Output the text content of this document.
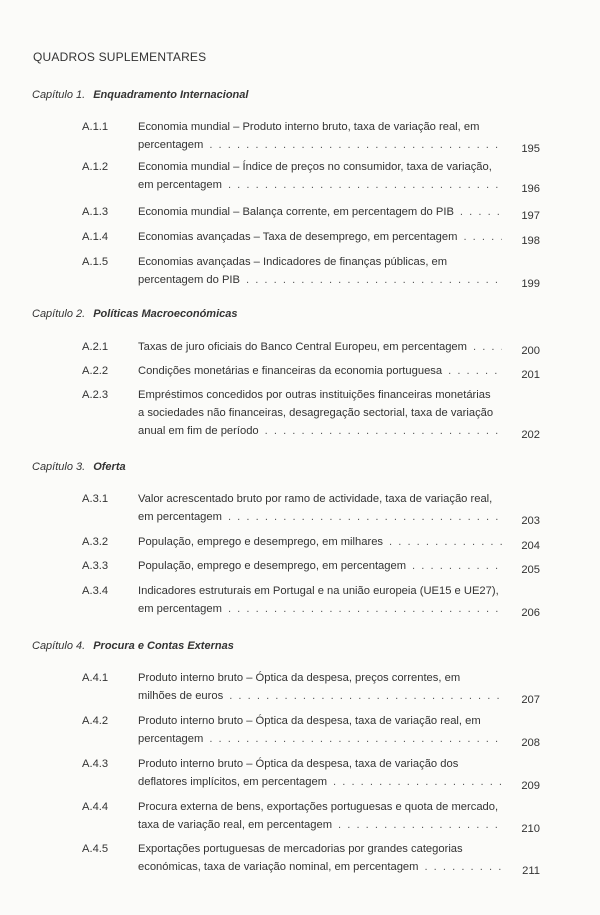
QUADROS SUPLEMENTARES
Capítulo 1. Enquadramento Internacional
A.1.1	Economia mundial – Produto interno bruto, taxa de variação real, em
percentagem . . .	195
A.1.2	Economia mundial – Índice de preços no consumidor, taxa de variação,
em percentagem . . .	196
A.1.3	Economia mundial – Balança corrente, em percentagem do PIB . . .	197
A.1.4	Economias avançadas – Taxa de desemprego, em percentagem . . .	198
A.1.5	Economias avançadas – Indicadores de finanças públicas, em
percentagem do PIB . . .	199
Capítulo 2. Políticas Macroeconómicas
A.2.1	Taxas de juro oficiais do Banco Central Europeu, em percentagem . . .	200
A.2.2	Condições monetárias e financeiras da economia portuguesa . . .	201
A.2.3	Empréstimos concedidos por outras instituições financeiras monetárias
a sociedades não financeiras, desagregação sectorial, taxa de variação
anual em fim de período . . .	202
Capítulo 3. Oferta
A.3.1	Valor acrescentado bruto por ramo de actividade, taxa de variação real,
em percentagem . . .	203
A.3.2	População, emprego e desemprego, em milhares . . .	204
A.3.3	População, emprego e desemprego, em percentagem . . .	205
A.3.4	Indicadores estruturais em Portugal e na união europeia (UE15 e UE27),
em percentagem . . .	206
Capítulo 4. Procura e Contas Externas
A.4.1	Produto interno bruto – Óptica da despesa, preços correntes, em
milhões de euros . . .	207
A.4.2	Produto interno bruto – Óptica da despesa, taxa de variação real, em
percentagem . . .	208
A.4.3	Produto interno bruto – Óptica da despesa, taxa de variação dos
deflatores implícitos, em percentagem . . .	209
A.4.4	Procura externa de bens, exportações portuguesas e quota de mercado,
taxa de variação real, em percentagem . . .	210
A.4.5	Exportações portuguesas de mercadorias por grandes categorias
económicas, taxa de variação nominal, em percentagem . . .	211
